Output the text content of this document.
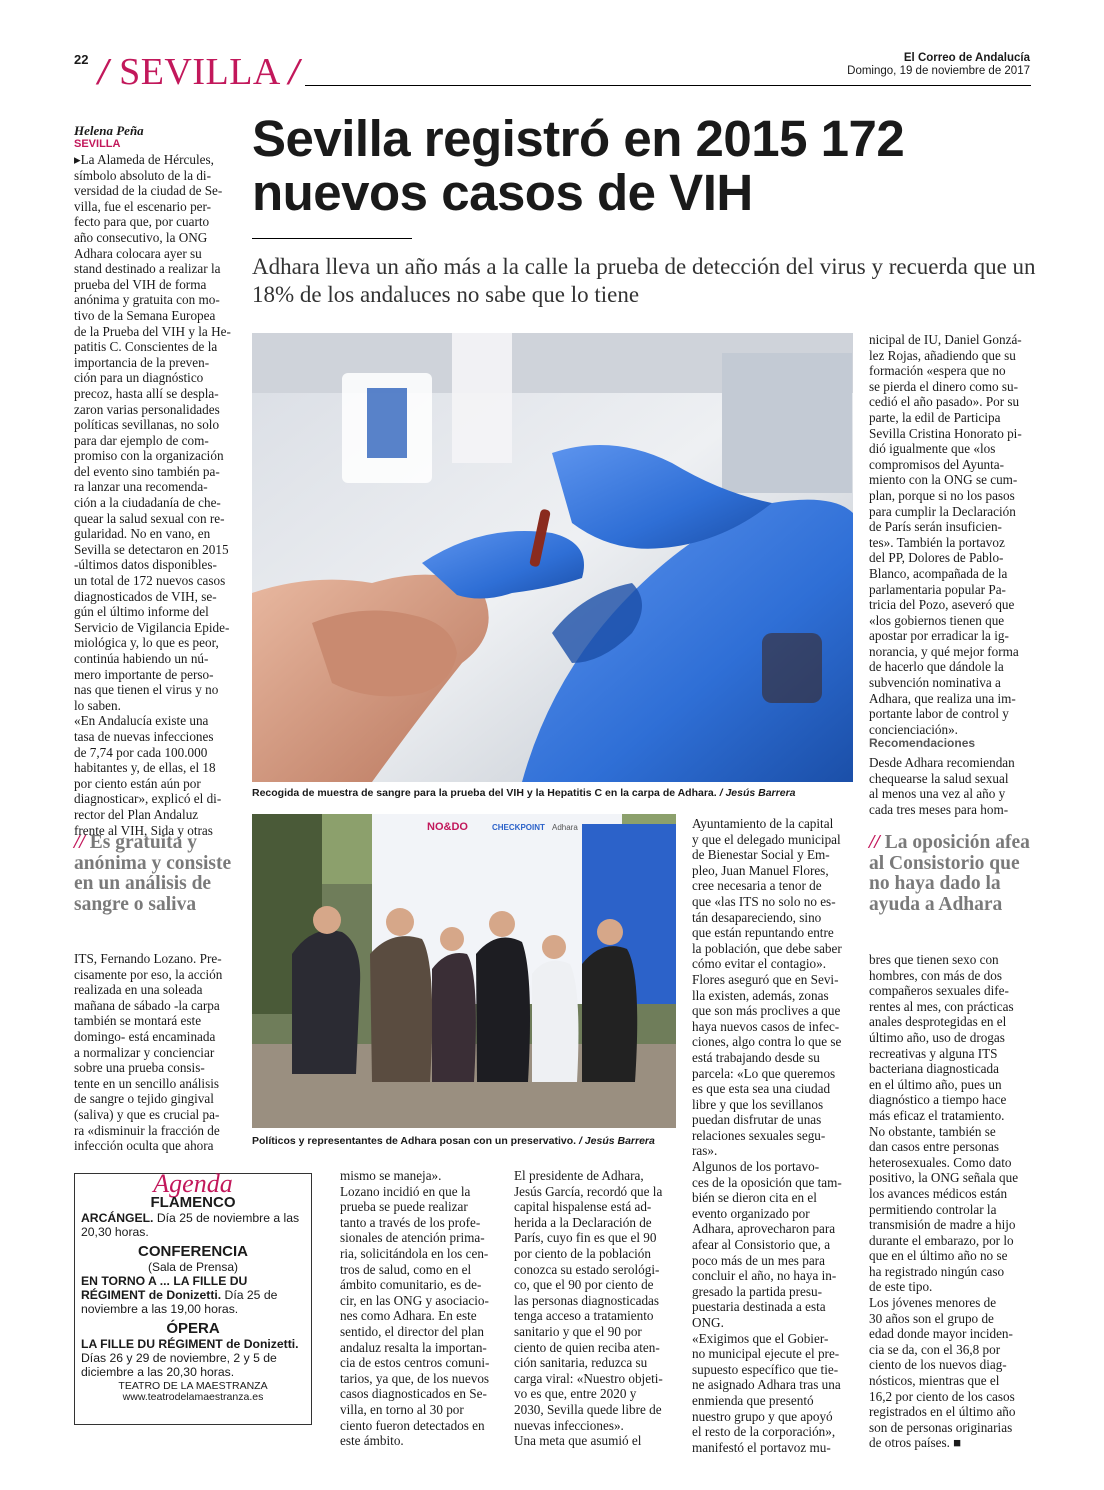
22 / SEVILLA /	El Correo de Andalucía
Domingo, 19 de noviembre de 2017
Sevilla registró en 2015 172 nuevos casos de VIH
Adhara lleva un año más a la calle la prueba de detección del virus y recuerda que un 18% de los andaluces no sabe que lo tiene
Helena Peña
SEVILLA
▸La Alameda de Hércules,
símbolo absoluto de la di-
versidad de la ciudad de Se-
villa, fue el escenario per-
fecto para que, por cuarto
año consecutivo, la ONG
Adhara colocara ayer su
stand destinado a realizar la
prueba del VIH de forma
anónima y gratuita con mo-
tivo de la Semana Europea
de la Prueba del VIH y la He-
patitis C. Conscientes de la
importancia de la preven-
ción para un diagnóstico
precoz, hasta allí se despla-
zaron varias personalidades
políticas sevillanas, no solo
para dar ejemplo de com-
promiso con la organización
del evento sino también pa-
ra lanzar una recomenda-
ción a la ciudadanía de che-
quear la salud sexual con re-
gularidad. No en vano, en
Sevilla se detectaron en 2015
-últimos datos disponibles-
un total de 172 nuevos casos
diagnosticados de VIH, se-
gún el último informe del
Servicio de Vigilancia Epide-
miológica y, lo que es peor,
continúa habiendo un nú-
mero importante de perso-
nas que tienen el virus y no
lo saben.
«En Andalucía existe una
tasa de nuevas infecciones
de 7,74 por cada 100.000
habitantes y, de ellas, el 18
por ciento están aún por
diagnosticar», explicó el di-
rector del Plan Andaluz
frente al VIH, Sida y otras
// Es gratuita y anónima y consiste en un análisis de sangre o saliva
ITS, Fernando Lozano. Pre-
cisamente por eso, la acción
realizada en una soleada
mañana de sábado -la carpa
también se montará este
domingo- está encaminada
a normalizar y concienciar
sobre una prueba consis-
tente en un sencillo análisis
de sangre o tejido gingival
(saliva) y que es crucial pa-
ra «disminuir la fracción de
infección oculta que ahora
Recogida de muestra de sangre para la prueba del VIH y la Hepatitis C en la carpa de Adhara. / Jesús Barrera
nicipal de IU, Daniel Gonzá-
lez Rojas, añadiendo que su
formación «espera que no
se pierda el dinero como su-
cedió el año pasado». Por su
parte, la edil de Participa
Sevilla Cristina Honorato pi-
dió igualmente que «los
compromisos del Ayunta-
miento con la ONG se cum-
plan, porque si no los pasos
para cumplir la Declaración
de París serán insuficien-
tes». También la portavoz
del PP, Dolores de Pablo-
Blanco, acompañada de la
parlamentaria popular Pa-
tricia del Pozo, aseveró que
«los gobiernos tienen que
apostar por erradicar la ig-
norancia, y qué mejor forma
de hacerlo que dándole la
subvención nominativa a
Adhara, que realiza una im-
portante labor de control y
concienciación».
Recomendaciones
Desde Adhara recomiendan
chequearse la salud sexual
al menos una vez al año y
cada tres meses para hom-
NO&DO	CHECKPOINT Adhara
Políticos y representantes de Adhara posan con un preservativo. / Jesús Barrera
Ayuntamiento de la capital
y que el delegado municipal
de Bienestar Social y Em-
pleo, Juan Manuel Flores,
cree necesaria a tenor de
que «las ITS no solo no es-
tán desapareciendo, sino
que están repuntando entre
la población, que debe saber
cómo evitar el contagio».
Flores aseguró que en Sevi-
lla existen, además, zonas
que son más proclives a que
haya nuevos casos de infec-
ciones, algo contra lo que se
está trabajando desde su
parcela: «Lo que queremos
es que esta sea una ciudad
libre y que los sevillanos
puedan disfrutar de unas
relaciones sexuales segu-
ras».
Algunos de los portavo-
ces de la oposición que tam-
bién se dieron cita en el
evento organizado por
Adhara, aprovecharon para
afear al Consistorio que, a
poco más de un mes para
concluir el año, no haya in-
gresado la partida presu-
puestaria destinada a esta
ONG.
«Exigimos que el Gobier-
no municipal ejecute el pre-
supuesto específico que tie-
ne asignado Adhara tras una
enmienda que presentó
nuestro grupo y que apoyó
el resto de la corporación»,
manifestó el portavoz mu-
// La oposición afea al Consistorio que no haya dado la ayuda a Adhara
bres que tienen sexo con
hombres, con más de dos
compañeros sexuales dife-
rentes al mes, con prácticas
anales desprotegidas en el
último año, uso de drogas
recreativas y alguna ITS
bacteriana diagnosticada
en el último año, pues un
diagnóstico a tiempo hace
más eficaz el tratamiento.
No obstante, también se
dan casos entre personas
heterosexuales. Como dato
positivo, la ONG señala que
los avances médicos están
permitiendo controlar la
transmisión de madre a hijo
durante el embarazo, por lo
que en el último año no se
ha registrado ningún caso
de este tipo.
Los jóvenes menores de
30 años son el grupo de
edad donde mayor inciden-
cia se da, con el 36,8 por
ciento de los nuevos diag-
nósticos, mientras que el
16,2 por ciento de los casos
registrados en el último año
son de personas originarias
de otros países. ■
mismo se maneja».
Lozano incidió en que la
prueba se puede realizar
tanto a través de los profe-
sionales de atención prima-
ria, solicitándola en los cen-
tros de salud, como en el
ámbito comunitario, es de-
cir, en las ONG y asociacio-
nes como Adhara. En este
sentido, el director del plan
andaluz resalta la importan-
cia de estos centros comuni-
tarios, ya que, de los nuevos
casos diagnosticados en Se-
villa, en torno al 30 por
ciento fueron detectados en
este ámbito.
El presidente de Adhara,
Jesús García, recordó que la
capital hispalense está ad-
herida a la Declaración de
París, cuyo fin es que el 90
por ciento de la población
conozca su estado serológi-
co, que el 90 por ciento de
las personas diagnosticadas
tenga acceso a tratamiento
sanitario y que el 90 por
ciento de quien reciba aten-
ción sanitaria, reduzca su
carga viral: «Nuestro objeti-
vo es que, entre 2020 y
2030, Sevilla quede libre de
nuevas infecciones».
Una meta que asumió el
Agenda
FLAMENCO
ARCÁNGEL. Día 25 de noviembre a las 20,30 horas.
CONFERENCIA
(Sala de Prensa)
EN TORNO A ... LA FILLE DU RÉGIMENT de Donizetti. Día 25 de noviembre a las 19,00 horas.
ÓPERA
LA FILLE DU RÉGIMENT de Donizetti. Días 26 y 29 de noviembre, 2 y 5 de diciembre a las 20,30 horas.
TEATRO DE LA MAESTRANZA
www.teatrodelamaestranza.es
